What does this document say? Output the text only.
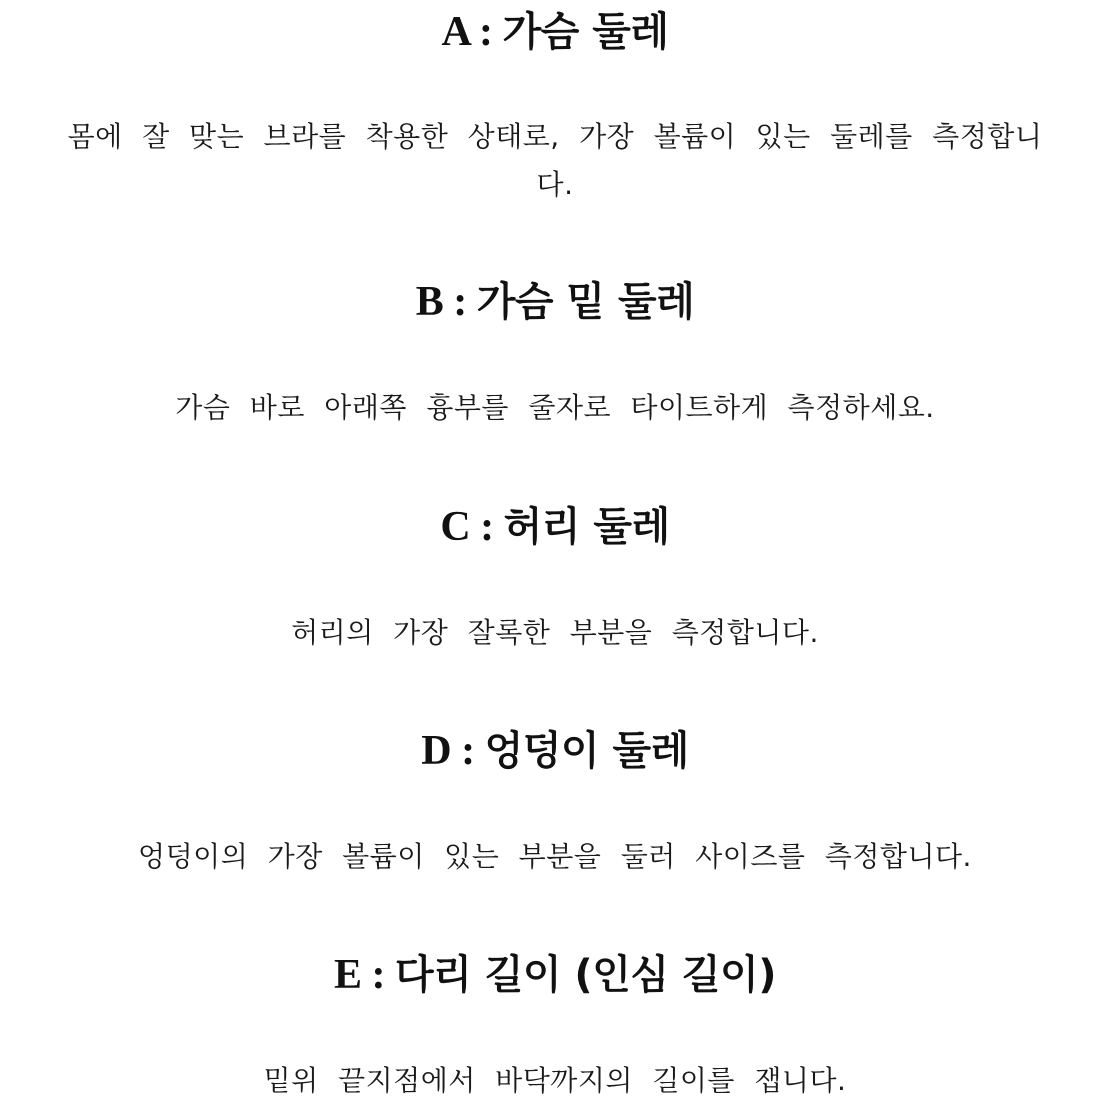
A : 가슴 둘레

몸에 잘 맞는 브라를 착용한 상태로, 가장 볼륨이 있는 둘레를 측정합니다.

B : 가슴 밑 둘레

가슴 바로 아래쪽 흉부를 줄자로 타이트하게 측정하세요.

C : 허리 둘레

허리의 가장 잘록한 부분을 측정합니다.

D : 엉덩이 둘레

엉덩이의 가장 볼륨이 있는 부분을 둘러 사이즈를 측정합니다.

E : 다리 길이 (인심 길이)

밑위 끝지점에서 바닥까지의 길이를 잽니다.
